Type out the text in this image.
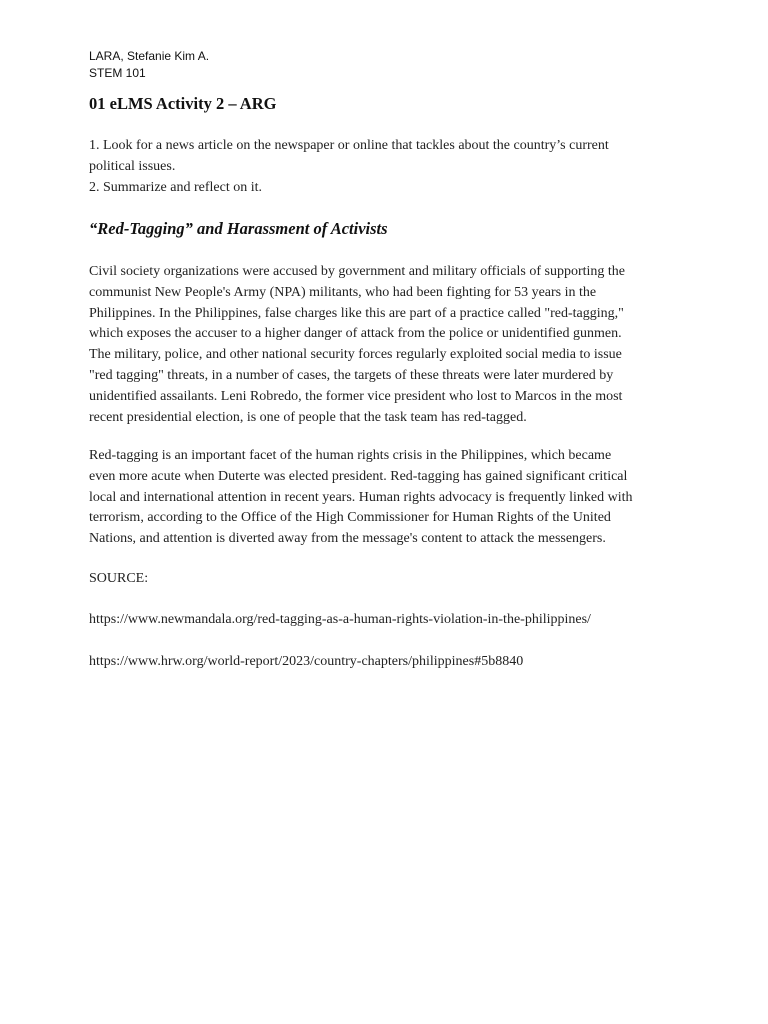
LARA, Stefanie Kim A.
STEM 101
01 eLMS Activity 2 – ARG
1. Look for a news article on the newspaper or online that tackles about the country’s current
political issues.
2. Summarize and reflect on it.
“Red-Tagging” and Harassment of Activists
Civil society organizations were accused by government and military officials of supporting the
communist New People's Army (NPA) militants, who had been fighting for 53 years in the
Philippines. In the Philippines, false charges like this are part of a practice called "red-tagging,"
which exposes the accuser to a higher danger of attack from the police or unidentified gunmen.
The military, police, and other national security forces regularly exploited social media to issue
"red tagging" threats, in a number of cases, the targets of these threats were later murdered by
unidentified assailants. Leni Robredo, the former vice president who lost to Marcos in the most
recent presidential election, is one of people that the task team has red-tagged.
Red-tagging is an important facet of the human rights crisis in the Philippines, which became
even more acute when Duterte was elected president. Red-tagging has gained significant critical
local and international attention in recent years. Human rights advocacy is frequently linked with
terrorism, according to the Office of the High Commissioner for Human Rights of the United
Nations, and attention is diverted away from the message's content to attack the messengers.
SOURCE:
https://www.newmandala.org/red-tagging-as-a-human-rights-violation-in-the-philippines/
https://www.hrw.org/world-report/2023/country-chapters/philippines#5b8840
